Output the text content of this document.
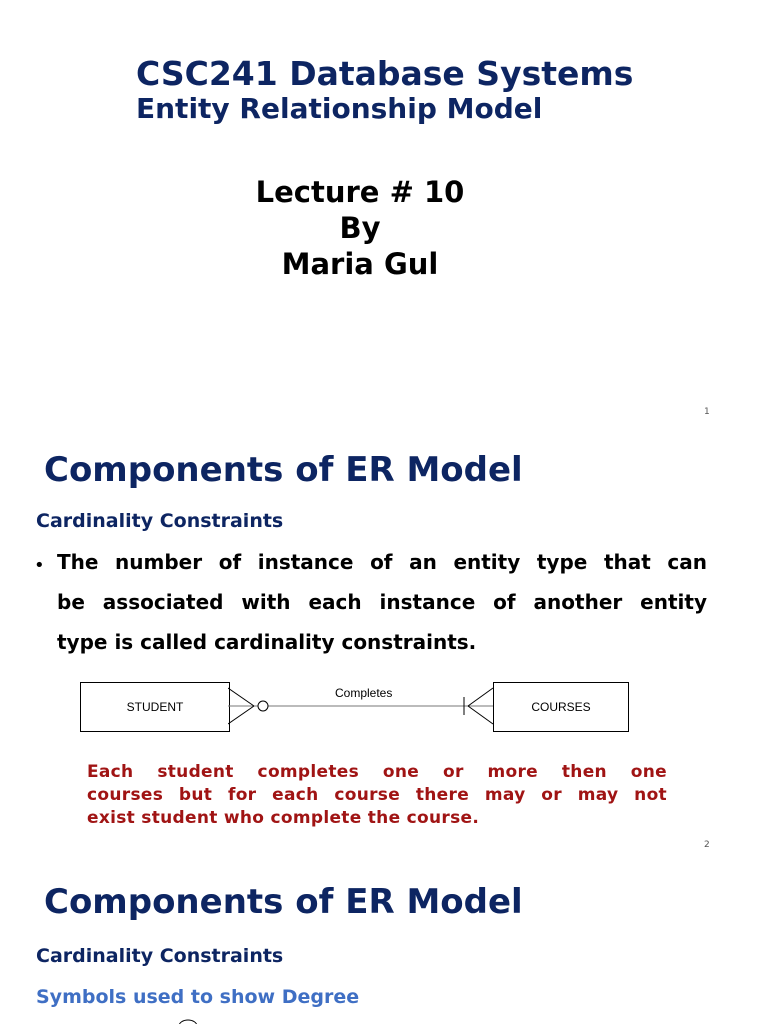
CSC241 Database Systems
Entity Relationship Model
Lecture # 10
By
Maria Gul
1
Components of ER Model
Cardinality Constraints
• The number of instance of an entity type that can
be associated with each instance of another entity
type is called cardinality constraints.
STUDENT	COURSES
Completes
Each student completes one or more then one
courses but for each course there may or may not
exist student who complete the course.
2
Components of ER Model
Cardinality Constraints
Symbols used to show Degree
